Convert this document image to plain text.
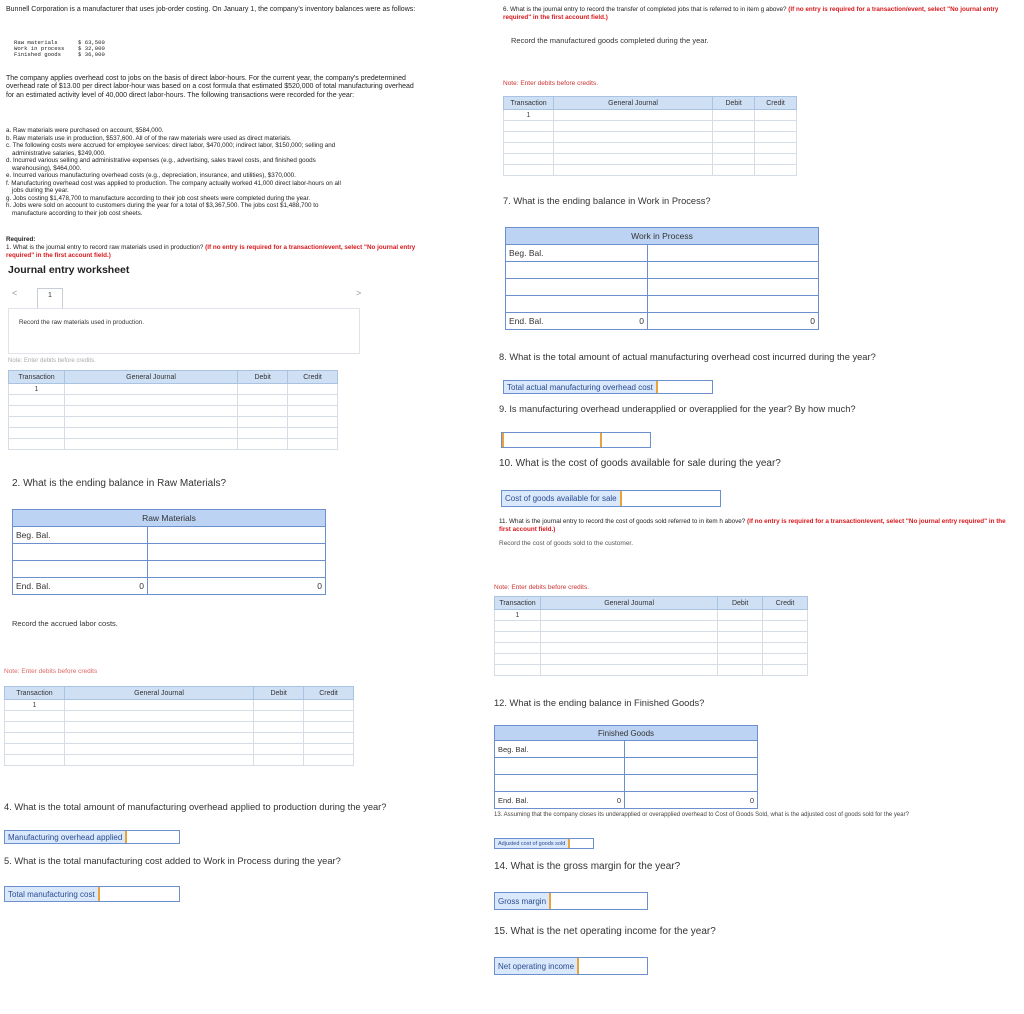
Bunnell Corporation is a manufacturer that uses job-order costing. On January 1, the company’s inventory balances were as follows:
Raw materials	$ 63,500
Work in process	$ 32,000
Finished goods	$ 36,000
The company applies overhead cost to jobs on the basis of direct labor-hours. For the current year, the company’s predetermined overhead rate of $13.00 per direct labor-hour was based on a cost formula that estimated $520,000 of total manufacturing overhead for an estimated activity level of 40,000 direct labor-hours. The following transactions were recorded for the year:
a. Raw materials were purchased on account, $584,000.
b. Raw materials use in production, $537,600. All of of the raw materials were used as direct materials.
c. The following costs were accrued for employee services: direct labor, $470,000; indirect labor, $150,000; selling and
administrative salaries, $249,000.
d. Incurred various selling and administrative expenses (e.g., advertising, sales travel costs, and finished goods
warehousing), $464,000.
e. Incurred various manufacturing overhead costs (e.g., depreciation, insurance, and utilities), $370,000.
f. Manufacturing overhead cost was applied to production. The company actually worked 41,000 direct labor-hours on all
jobs during the year.
g. Jobs costing $1,478,700 to manufacture according to their job cost sheets were completed during the year.
h. Jobs were sold on account to customers during the year for a total of $3,367,500. The jobs cost $1,488,700 to
manufacture according to their job cost sheets.
Required:
1. What is the journal entry to record raw materials used in production? (If no entry is required for a transaction/event, select "No journal entry required" in the first account field.)
Journal entry worksheet
<	1	>
Record the raw materials used in production.
Note: Enter debits before credits.
Transaction	General Journal	Debit	Credit
1			

2. What is the ending balance in Raw Materials?
Raw Materials	
Beg. Bal.	

End. Bal. 0	0
Record the accrued labor costs.
Note: Enter debits before credits
Transaction	General Journal	Debit	Credit
1			

4. What is the total amount of manufacturing overhead applied to production during the year?
Manufacturing overhead applied
5. What is the total manufacturing cost added to Work in Process during the year?
Total manufacturing cost
6. What is the journal entry to record the transfer of completed jobs that is referred to in item g above? (If no entry is required for a transaction/event, select "No journal entry required" in the first account field.)
Record the manufactured goods completed during the year.
Note: Enter debits before credits.
Transaction	General Journal	Debit	Credit
1			

7. What is the ending balance in Work in Process?
Work in Process	
Beg. Bal.	

End. Bal. 0	0
8. What is the total amount of actual manufacturing overhead cost incurred during the year?
Total actual manufacturing overhead cost
9. Is manufacturing overhead underapplied or overapplied for the year? By how much?
10. What is the cost of goods available for sale during the year?
Cost of goods available for sale
11. What is the journal entry to record the cost of goods sold referred to in item h above? (If no entry is required for a transaction/event, select "No journal entry required" in the first account field.)
Record the cost of goods sold to the customer.
Note: Enter debits before credits.
Transaction	General Journal	Debit	Credit
1			

12. What is the ending balance in Finished Goods?
Finished Goods	
Beg. Bal.	

End. Bal. 0	0
13. Assuming that the company closes its underapplied or overapplied overhead to Cost of Goods Sold, what is the adjusted cost of goods sold for the year?
Adjusted cost of goods sold
14. What is the gross margin for the year?
Gross margin
15. What is the net operating income for the year?
Net operating income
